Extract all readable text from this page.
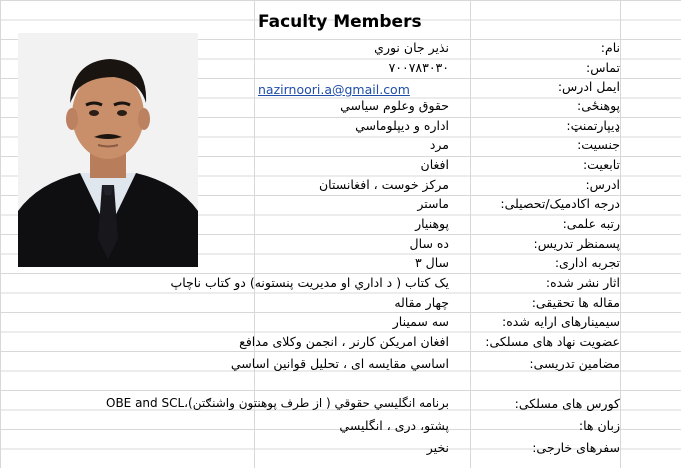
Faculty Members
نام:
تماس:
ایمل ادرس:
پوهنځی:
ډیپارتمنټ:
جنسیت:
تابعیت:
ادرس:
درجه اکادمیک/تحصیلی:
رتبه علمی:
پسمنظر تدریس:
تجربه اداری:
اثار نشر شده:
مقاله ها تحقیقی:
سیمینارهای ارایه شده:
عضویت نهاد های مسلکی:
مضامین تدریسی:
کورس های مسلکی:
زبان ها:
سفرهای خارجی:
نذیر جان نوري
۷۰۰۷۸۳۰۳۰
nazirnoori.a@gmail.com
حقوق وعلوم سیاسي
اداره و دیپلوماسي
مرد
افغان
مرکز خوست ، افغانستان
ماستر
پوهنیار
ده سال
سال ۳
یک کتاب ( د اداري او مدیریت پنستونه) دو کتاب ناچاپ
چهار مقاله
سه سمینار
افغان امریکن کارنر ، انجمن وکلای مدافع
اساسي مقایسه ای ، تحلیل قوانین اساسي
برنامه انگلیسي حقوقي ( از طرف پوهنتون واشنګتن)،OBE and SCL
پشتو، دری ، انگلیسي
نخیر
